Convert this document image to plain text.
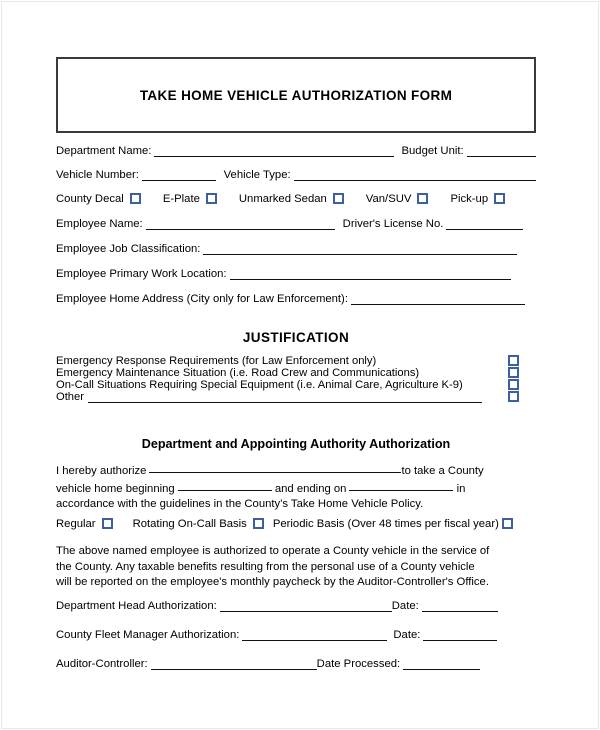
TAKE HOME VEHICLE AUTHORIZATION FORM
Department Name:	Budget Unit:
Vehicle Number:	Vehicle Type:
County Decal	E-Plate	Unmarked Sedan	Van/SUV	Pick-up
Employee Name:	Driver's License No.
Employee Job Classification:
Employee Primary Work Location:
Employee Home Address (City only for Law Enforcement):
JUSTIFICATION
Emergency Response Requirements (for Law Enforcement only)
Emergency Maintenance Situation (i.e. Road Crew and Communications)
On-Call Situations Requiring Special Equipment (i.e. Animal Care, Agriculture K-9)
Other
Department and Appointing Authority Authorization
I hereby authorize	to take a County
vehicle home beginning	and ending on	in
accordance with the guidelines in the County's Take Home Vehicle Policy.
Regular	Rotating On-Call Basis Periodic Basis (Over 48 times per fiscal year)
The above named employee is authorized to operate a County vehicle in the service of
the County. Any taxable benefits resulting from the personal use of a County vehicle
will be reported on the employee's monthly paycheck by the Auditor-Controller's Office.
Department Head Authorization:	Date:
County Fleet Manager Authorization:	Date:
Auditor-Controller:	Date Processed:
